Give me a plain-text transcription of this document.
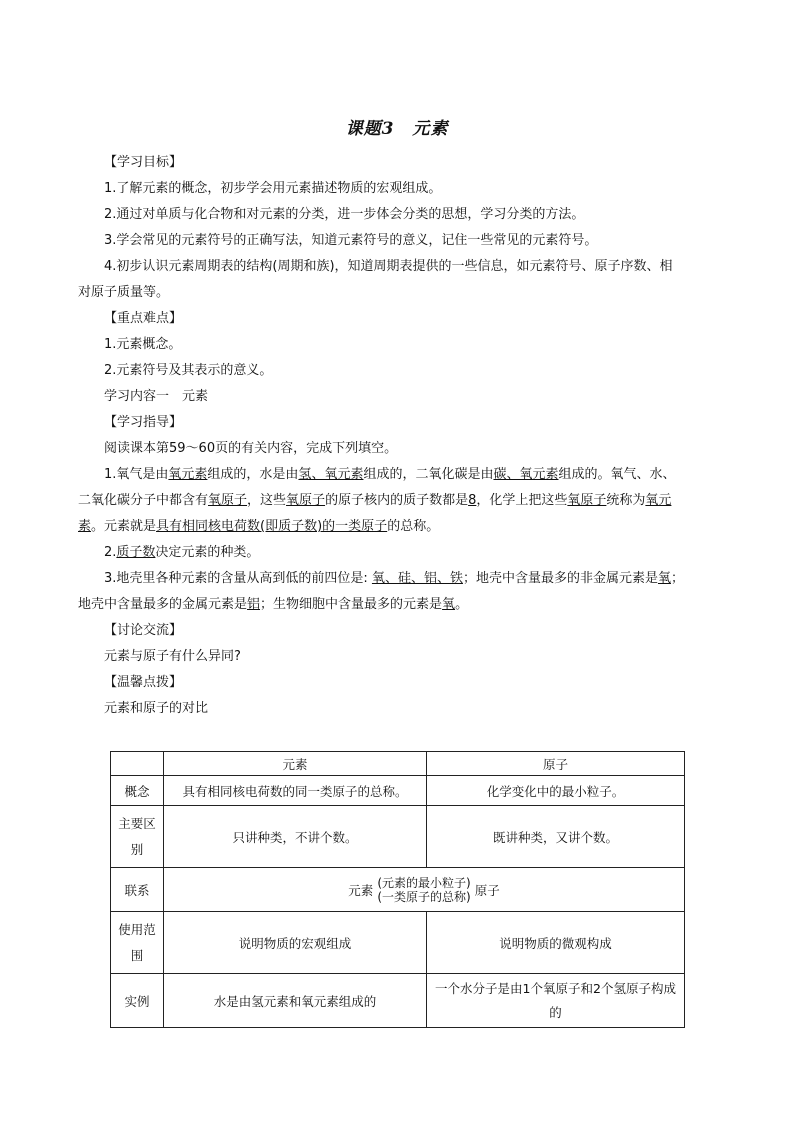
课题3　元素
【学习目标】
1.了解元素的概念，初步学会用元素描述物质的宏观组成。
2.通过对单质与化合物和对元素的分类，进一步体会分类的思想，学习分类的方法。
3.学会常见的元素符号的正确写法，知道元素符号的意义，记住一些常见的元素符号。
4.初步认识元素周期表的结构(周期和族)，知道周期表提供的一些信息，如元素符号、原子序数、相
对原子质量等。
【重点难点】
1.元素概念。
2.元素符号及其表示的意义。
学习内容一　元素
【学习指导】
阅读课本第59～60页的有关内容，完成下列填空。
1.氧气是由氧元素组成的，水是由氢、氧元素组成的，二氧化碳是由碳、氧元素组成的。氧气、水、
二氧化碳分子中都含有氧原子，这些氧原子的原子核内的质子数都是8，化学上把这些氧原子统称为氧元
素。元素就是具有相同核电荷数(即质子数)的一类原子的总称。
2.质子数决定元素的种类。
3.地壳里各种元素的含量从高到低的前四位是: 氧、硅、铝、铁；地壳中含量最多的非金属元素是氧；
地壳中含量最多的金属元素是铝；生物细胞中含量最多的元素是氧。
【讨论交流】
元素与原子有什么异同?
【温馨点拨】
元素和原子的对比
	元素	原子
概念	具有相同核电荷数的同一类原子的总称。	化学变化中的最小粒子。
主要区别	只讲种类，不讲个数。	既讲种类，又讲个数。
联系	元素 (元素的最小粒子)
(一类原子的总称) 原子	

使用范围	说明物质的宏观组成	说明物质的微观构成
实例	水是由氢元素和氧元素组成的	一个水分子是由1个氧原子和2个氢原子构成的
